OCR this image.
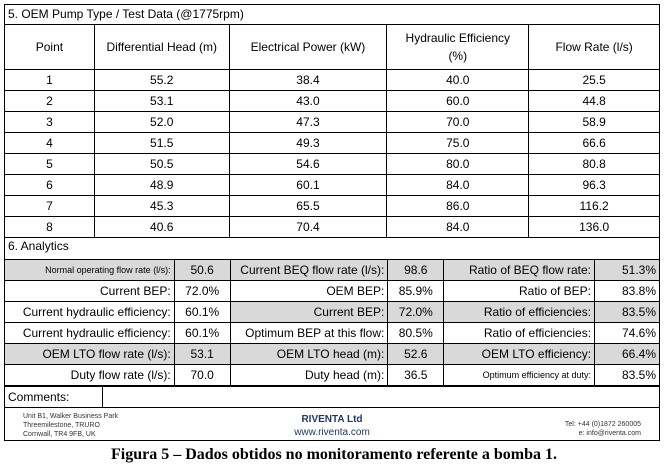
5. OEM Pump Type / Test Data (@1775rpm)
Point	Differential Head (m)	Electrical Power (kW)	Hydraulic Efficiency (%)	Flow Rate (l/s)
1	55.2	38.4	40.0	25.5
2	53.1	43.0	60.0	44.8
3	52.0	47.3	70.0	58.9
4	51.5	49.3	75.0	66.6
5	50.5	54.6	80.0	80.8
6	48.9	60.1	84.0	96.3
7	45.3	65.5	86.0	116.2
8	40.6	70.4	84.0	136.0
6. Analytics
Normal operating flow rate (l/s):	50.6	Current BEQ flow rate (l/s):	98.6	Ratio of BEQ flow rate:	51.3%
Current BEP:	72.0%	OEM BEP:	85.9%	Ratio of BEP:	83.8%
Current hydraulic efficiency:	60.1%	Current BEP:	72.0%	Ratio of efficiencies:	83.5%
Current hydraulic efficiency:	60.1%	Optimum BEP at this flow:	80.5%	Ratio of efficiencies:	74.6%
OEM LTO flow rate (l/s):	53.1	OEM LTO head (m):	52.6	OEM LTO efficiency:	66.4%
Duty flow rate (l/s):	70.0	Duty head (m):	36.5	Optimum efficiency at duty:	83.5%
Comments:
Unit B1, Walker Business Park
Threemilestone, TRURO
Cornwall, TR4 9FB, UK
RIVENTA Ltd
www.riventa.com
Tel: +44 (0)1872 260005
e: info@riventa.com
Figura 5 – Dados obtidos no monitoramento referente a bomba 1.
